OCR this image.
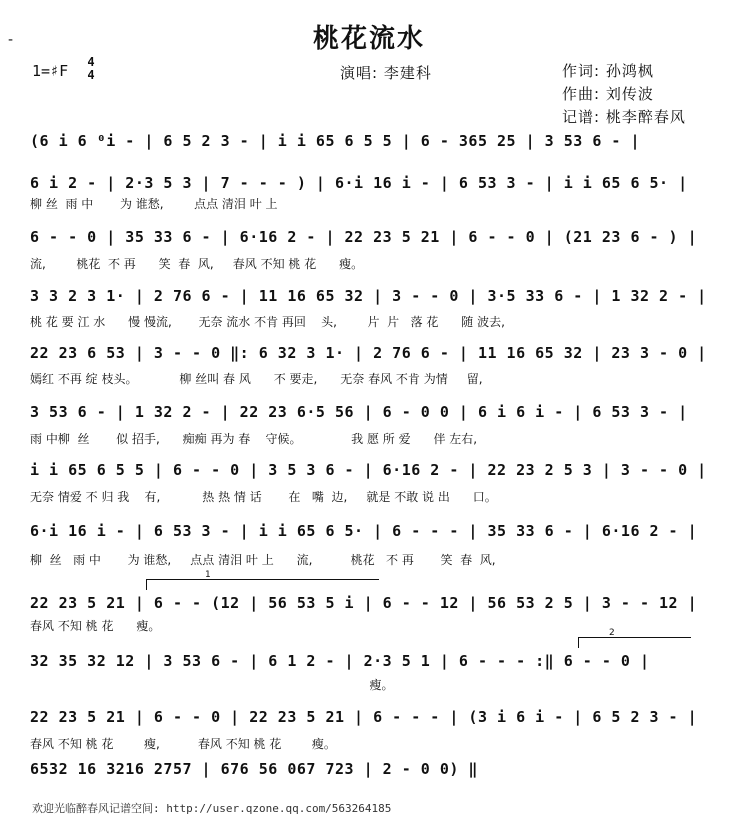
-	桃花流水
1=♯F 4
4	演唱: 李建科	作词: 孙鸿枫
作曲: 刘传波
记谱: 桃李醉春风
(6 i 6 ⁰i - | 6 5 2 3 - | i i 65 6 5 5 | 6 - 365 25 | 3 53 6 - |
6 i 2 - | 2·3 5 3 | 7 - - - ) | 6·i 16 i - | 6 53 3 - | i i 65 6 5· |
柳 丝  雨 中       为 谁愁,        点点 清泪 叶 上
6 - - 0 | 35 33 6 - | 6·16 2 - | 22 23 5 21 | 6 - - 0 | (21 23 6 - ) |
流,        桃花  不 再      笑  春  风,     春风 不知 桃 花      瘦。
3 3 2 3 1· | 2 76 6 - | 11 16 65 32 | 3 - - 0 | 3·5 33 6 - | 1 32 2 - |
桃 花 要 江 水      慢 慢流,       无奈 流水 不肯 再回    头,        片  片   落 花      随 波去,
22 23 6 53 | 3 - - 0 ‖: 6 32 3 1· | 2 76 6 - | 11 16 65 32 | 23 3 - 0 |
嫣红 不再 绽 枝头。           柳 丝叫 春 风      不 要走,      无奈 春风 不肯 为情     留,
3 53 6 - | 1 32 2 - | 22 23 6·5 56 | 6 - 0 0 | 6 i 6 i - | 6 53 3 - |
雨 中柳  丝       似 招手,      痴痴 再为 春    守候。             我 愿 所 爱      伴 左右,
i i 65 6 5 5 | 6 - - 0 | 3 5 3 6 - | 6·16 2 - | 22 23 2 5 3 | 3 - - 0 |
无奈 情爱 不 归 我    有,           热 热 情 话       在   嘴  边,     就是 不敢 说 出      口。
6·i 16 i - | 6 53 3 - | i i 65 6 5· | 6 - - - | 35 33 6 - | 6·16 2 - |
柳  丝   雨 中       为 谁愁,     点点 清泪 叶 上      流,          桃花   不 再       笑  春  风,
1
22 23 5 21 | 6 - - (12 | 56 53 5 i | 6 - - 12 | 56 53 2 5 | 3 - - 12 |
春风 不知 桃 花      瘦。	2
32 35 32 12 | 3 53 6 - | 6 1 2 - | 2·3 5 1 | 6 - - - :‖ 6 - - 0 |
瘦。
22 23 5 21 | 6 - - 0 | 22 23 5 21 | 6 - - - | (3 i 6 i - | 6 5 2 3 - |
春风 不知 桃 花        瘦,          春风 不知 桃 花        瘦。
6532 16 3216 2757 | 676 56 067 723 | 2 - 0 0) ‖
欢迎光临醉春风记谱空间: http://user.qzone.qq.com/563264185
